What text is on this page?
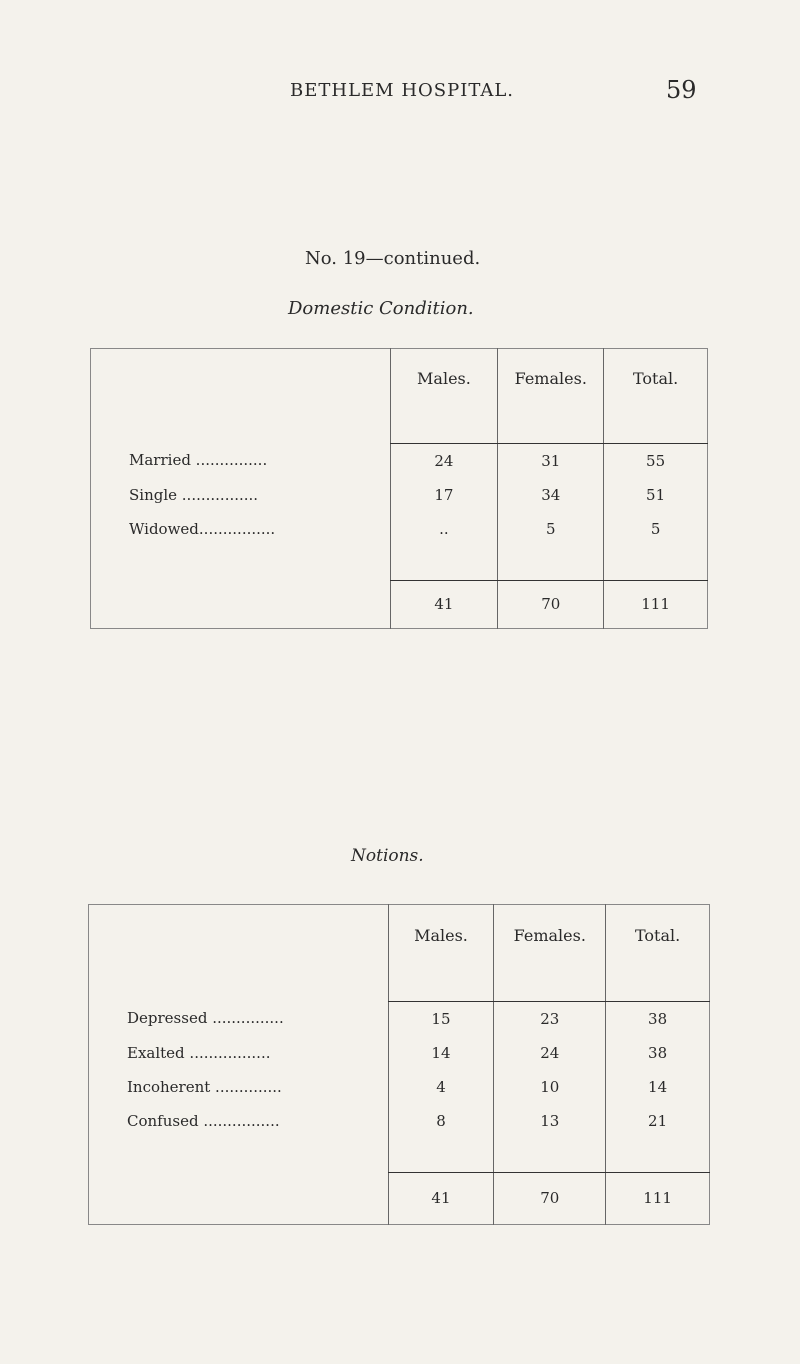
BETHLEM HOSPITAL.	59
No. 19—continued.
Domestic Condition.
	Males.	Females.	Total.

Married ...............	24	31	55
Single ................	17	34	51
Widowed................	..	5	5

	41	70	111
Notions.
	Males.	Females.	Total.

Depressed ...............	15	23	38
Exalted .................	14	24	38
Incoherent ..............	4	10	14
Confused ................	8	13	21

	41	70	111
